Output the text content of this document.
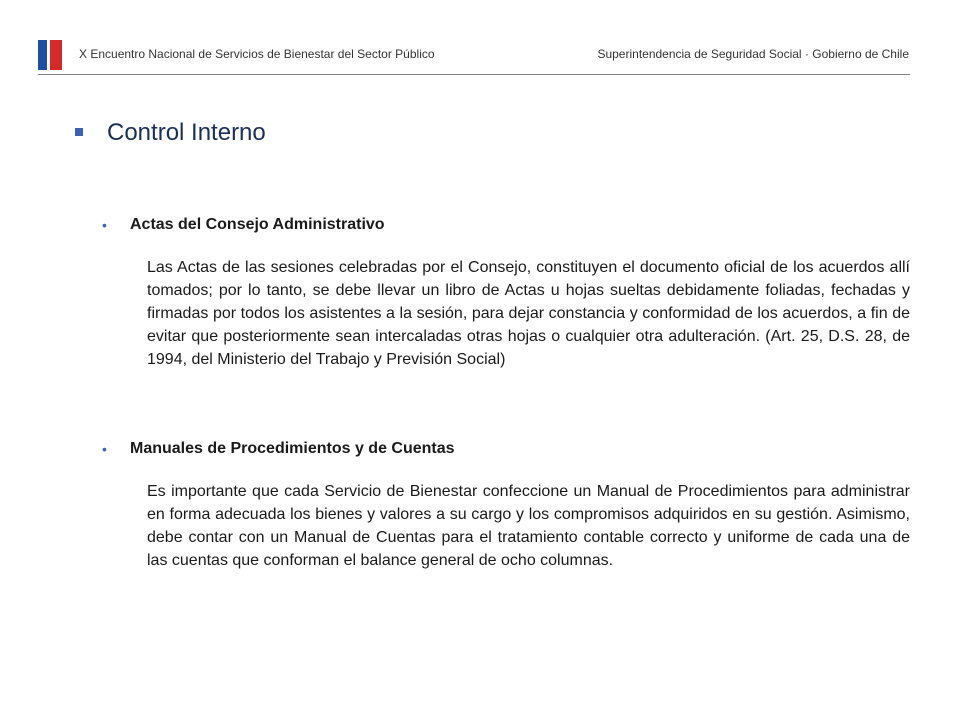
X Encuentro Nacional de Servicios de Bienestar del Sector Público	Superintendencia de Seguridad Social · Gobierno de Chile
Control Interno
• Actas del Consejo Administrativo
Las Actas de las sesiones celebradas por el Consejo, constituyen el documento oficial de los acuerdos allí tomados; por lo tanto, se debe llevar un libro de Actas u hojas sueltas debidamente foliadas, fechadas y firmadas por todos los asistentes a la sesión, para dejar constancia y conformidad de los acuerdos, a fin de evitar que posteriormente sean intercaladas otras hojas o cualquier otra adulteración. (Art. 25, D.S. 28, de 1994, del Ministerio del Trabajo y Previsión Social)
• Manuales de Procedimientos y de Cuentas
Es importante que cada Servicio de Bienestar confeccione un Manual de Procedimientos para administrar en forma adecuada los bienes y valores a su cargo y los compromisos adquiridos en su gestión. Asimismo, debe contar con un Manual de Cuentas para el tratamiento contable correcto y uniforme de cada una de las cuentas que conforman el balance general de ocho columnas.
